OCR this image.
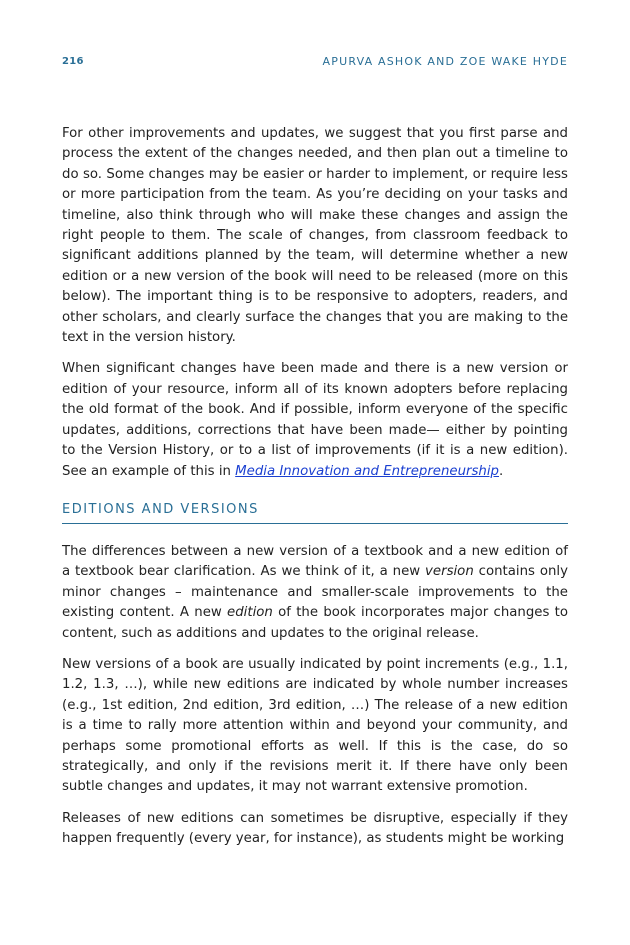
216	APURVA ASHOK AND ZOE WAKE HYDE

For other improvements and updates, we suggest that you first parse and process the extent of the changes needed, and then plan out a timeline to do so. Some changes may be easier or harder to implement, or require less or more participation from the team. As you’re deciding on your tasks and timeline, also think through who will make these changes and assign the right people to them. The scale of changes, from classroom feedback to significant additions planned by the team, will determine whether a new edition or a new version of the book will need to be released (more on this below). The important thing is to be responsive to adopters, readers, and other scholars, and clearly surface the changes that you are making to the text in the version history.

When significant changes have been made and there is a new version or edition of your resource, inform all of its known adopters before replacing the old format of the book. And if possible, inform everyone of the specific updates, additions, corrections that have been made— either by pointing to the Version History, or to a list of improvements (if it is a new edition). See an example of this in Media Innovation and Entrepreneurship.

EDITIONS AND VERSIONS

The differences between a new version of a textbook and a new edition of a textbook bear clarification. As we think of it, a new version contains only minor changes – maintenance and smaller-scale improvements to the existing content. A new edition of the book incorporates major changes to content, such as additions and updates to the original release.

New versions of a book are usually indicated by point increments (e.g., 1.1, 1.2, 1.3, …), while new editions are indicated by whole number increases (e.g., 1st edition, 2nd edition, 3rd edition, …) The release of a new edition is a time to rally more attention within and beyond your community, and perhaps some promotional efforts as well. If this is the case, do so strategically, and only if the revisions merit it. If there have only been subtle changes and updates, it may not warrant extensive promotion.

Releases of new editions can sometimes be disruptive, especially if they happen frequently (every year, for instance), as students might be working
